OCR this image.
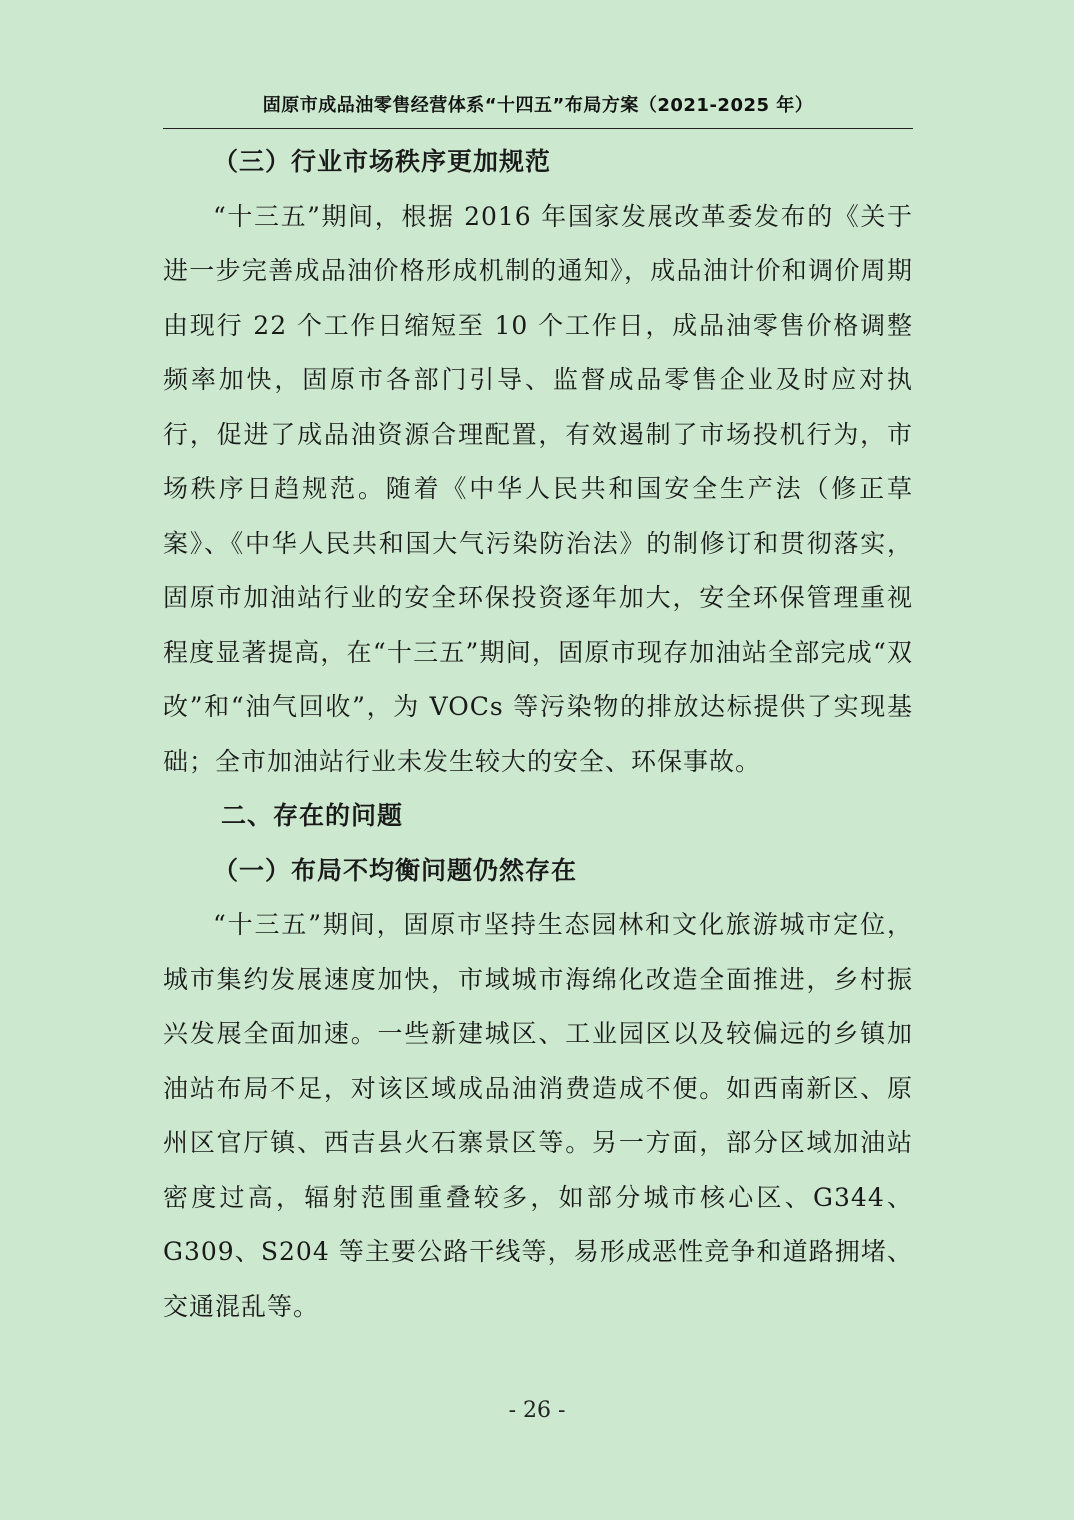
固原市成品油零售经营体系“十四五”布局方案（2021-2025 年）
（三）行业市场秩序更加规范

“十三五”期间，根据 2016 年国家发展改革委发布的《关于进一步完善成品油价格形成机制的通知》，成品油计价和调价周期由现行 22 个工作日缩短至 10 个工作日，成品油零售价格调整频率加快，固原市各部门引导、监督成品零售企业及时应对执行，促进了成品油资源合理配置，有效遏制了市场投机行为，市场秩序日趋规范。随着《中华人民共和国安全生产法（修正草案》、《中华人民共和国大气污染防治法》的制修订和贯彻落实，固原市加油站行业的安全环保投资逐年加大，安全环保管理重视程度显著提高，在“十三五”期间，固原市现存加油站全部完成“双改”和“油气回收”，为 VOCs 等污染物的排放达标提供了实现基础；全市加油站行业未发生较大的安全、环保事故。

二、存在的问题
（一）布局不均衡问题仍然存在

“十三五”期间，固原市坚持生态园林和文化旅游城市定位，城市集约发展速度加快，市域城市海绵化改造全面推进，乡村振兴发展全面加速。一些新建城区、工业园区以及较偏远的乡镇加油站布局不足，对该区域成品油消费造成不便。如西南新区、原州区官厅镇、西吉县火石寨景区等。另一方面，部分区域加油站密度过高，辐射范围重叠较多，如部分城市核心区、G344、G309、S204 等主要公路干线等，易形成恶性竞争和道路拥堵、交通混乱等。

- 26 -
